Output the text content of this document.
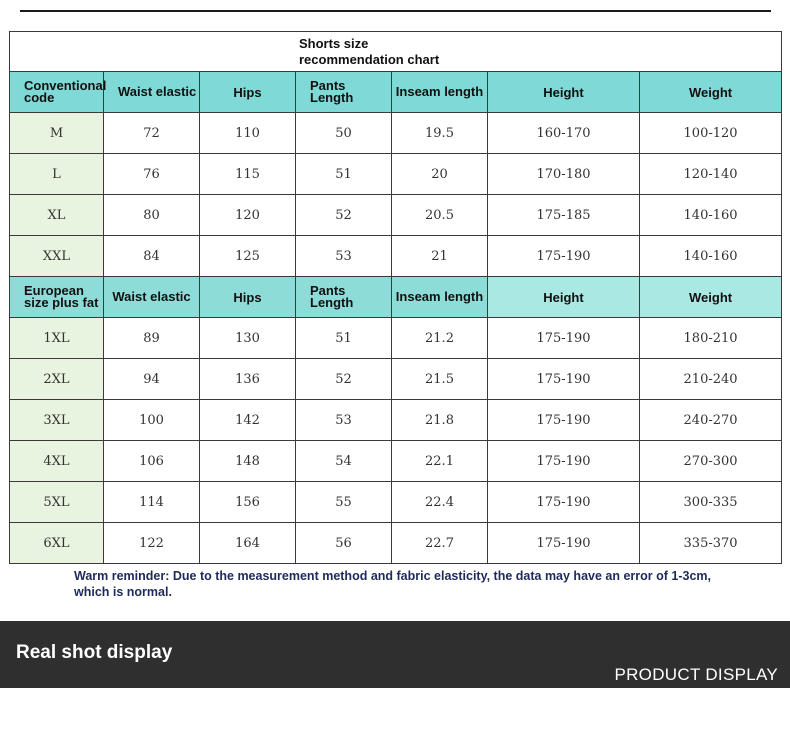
Shorts size
recommendation chart						
Conventional code	Waist elastic	Hips	Pants Length	Inseam length	Height	Weight
M	72	110	50	19.5	160-170	100-120
L	76	115	51	20	170-180	120-140
XL	80	120	52	20.5	175-185	140-160
XXL	84	125	53	21	175-190	140-160
European size plus fat	Waist elastic	Hips	Pants Length	Inseam length	Height	Weight
1XL	89	130	51	21.2	175-190	180-210
2XL	94	136	52	21.5	175-190	210-240
3XL	100	142	53	21.8	175-190	240-270
4XL	106	148	54	22.1	175-190	270-300
5XL	114	156	55	22.4	175-190	300-335
6XL	122	164	56	22.7	175-190	335-370
Warm reminder: Due to the measurement method and fabric elasticity, the data may have an error of 1-3cm, which is normal.
Real shot display
PRODUCT DISPLAY
